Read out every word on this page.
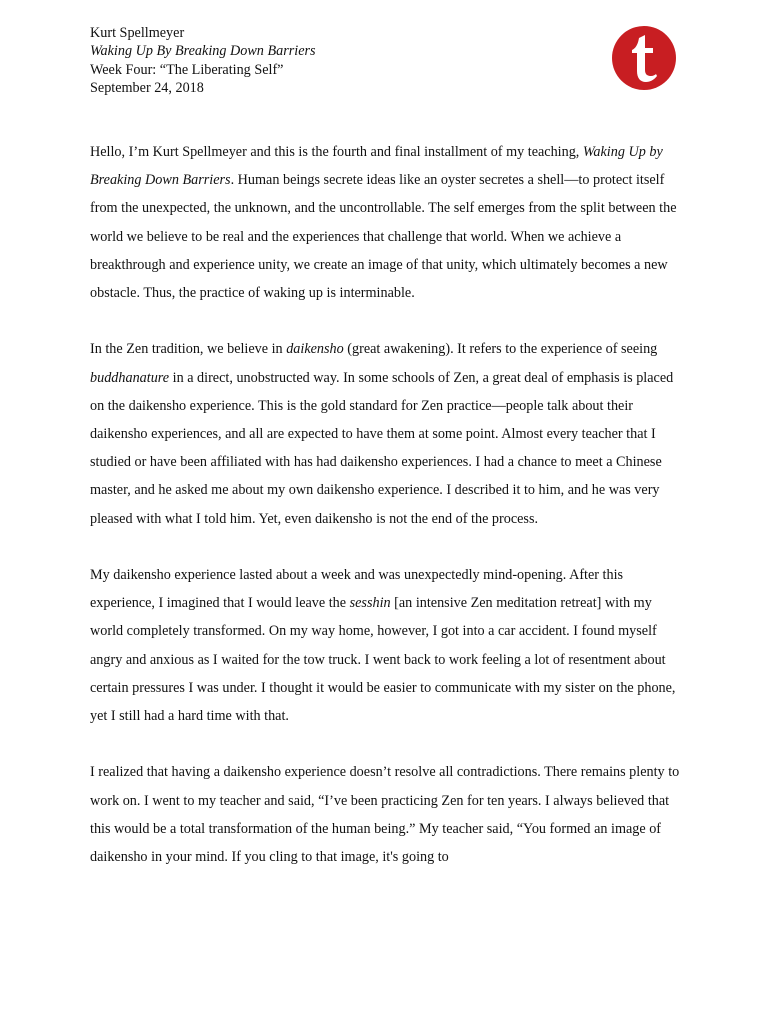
Kurt Spellmeyer
Waking Up By Breaking Down Barriers
Week Four: “The Liberating Self”
September 24, 2018

Hello, I’m Kurt Spellmeyer and this is the fourth and final installment of my teaching, Waking Up by Breaking Down Barriers. Human beings secrete ideas like an oyster secretes a shell—to protect itself from the unexpected, the unknown, and the uncontrollable. The self emerges from the split between the world we believe to be real and the experiences that challenge that world. When we achieve a breakthrough and experience unity, we create an image of that unity, which ultimately becomes a new obstacle. Thus, the practice of waking up is interminable.

In the Zen tradition, we believe in daikensho (great awakening). It refers to the experience of seeing buddhanature in a direct, unobstructed way. In some schools of Zen, a great deal of emphasis is placed on the daikensho experience. This is the gold standard for Zen practice—people talk about their daikensho experiences, and all are expected to have them at some point. Almost every teacher that I studied or have been affiliated with has had daikensho experiences. I had a chance to meet a Chinese master, and he asked me about my own daikensho experience. I described it to him, and he was very pleased with what I told him. Yet, even daikensho is not the end of the process.

My daikensho experience lasted about a week and was unexpectedly mind-opening. After this experience, I imagined that I would leave the sesshin [an intensive Zen meditation retreat] with my world completely transformed. On my way home, however, I got into a car accident. I found myself angry and anxious as I waited for the tow truck. I went back to work feeling a lot of resentment about certain pressures I was under. I thought it would be easier to communicate with my sister on the phone, yet I still had a hard time with that.

I realized that having a daikensho experience doesn’t resolve all contradictions. There remains plenty to work on. I went to my teacher and said, “I’ve been practicing Zen for ten years. I always believed that this would be a total transformation of the human being.” My teacher said, “You formed an image of daikensho in your mind. If you cling to that image, it's going to
